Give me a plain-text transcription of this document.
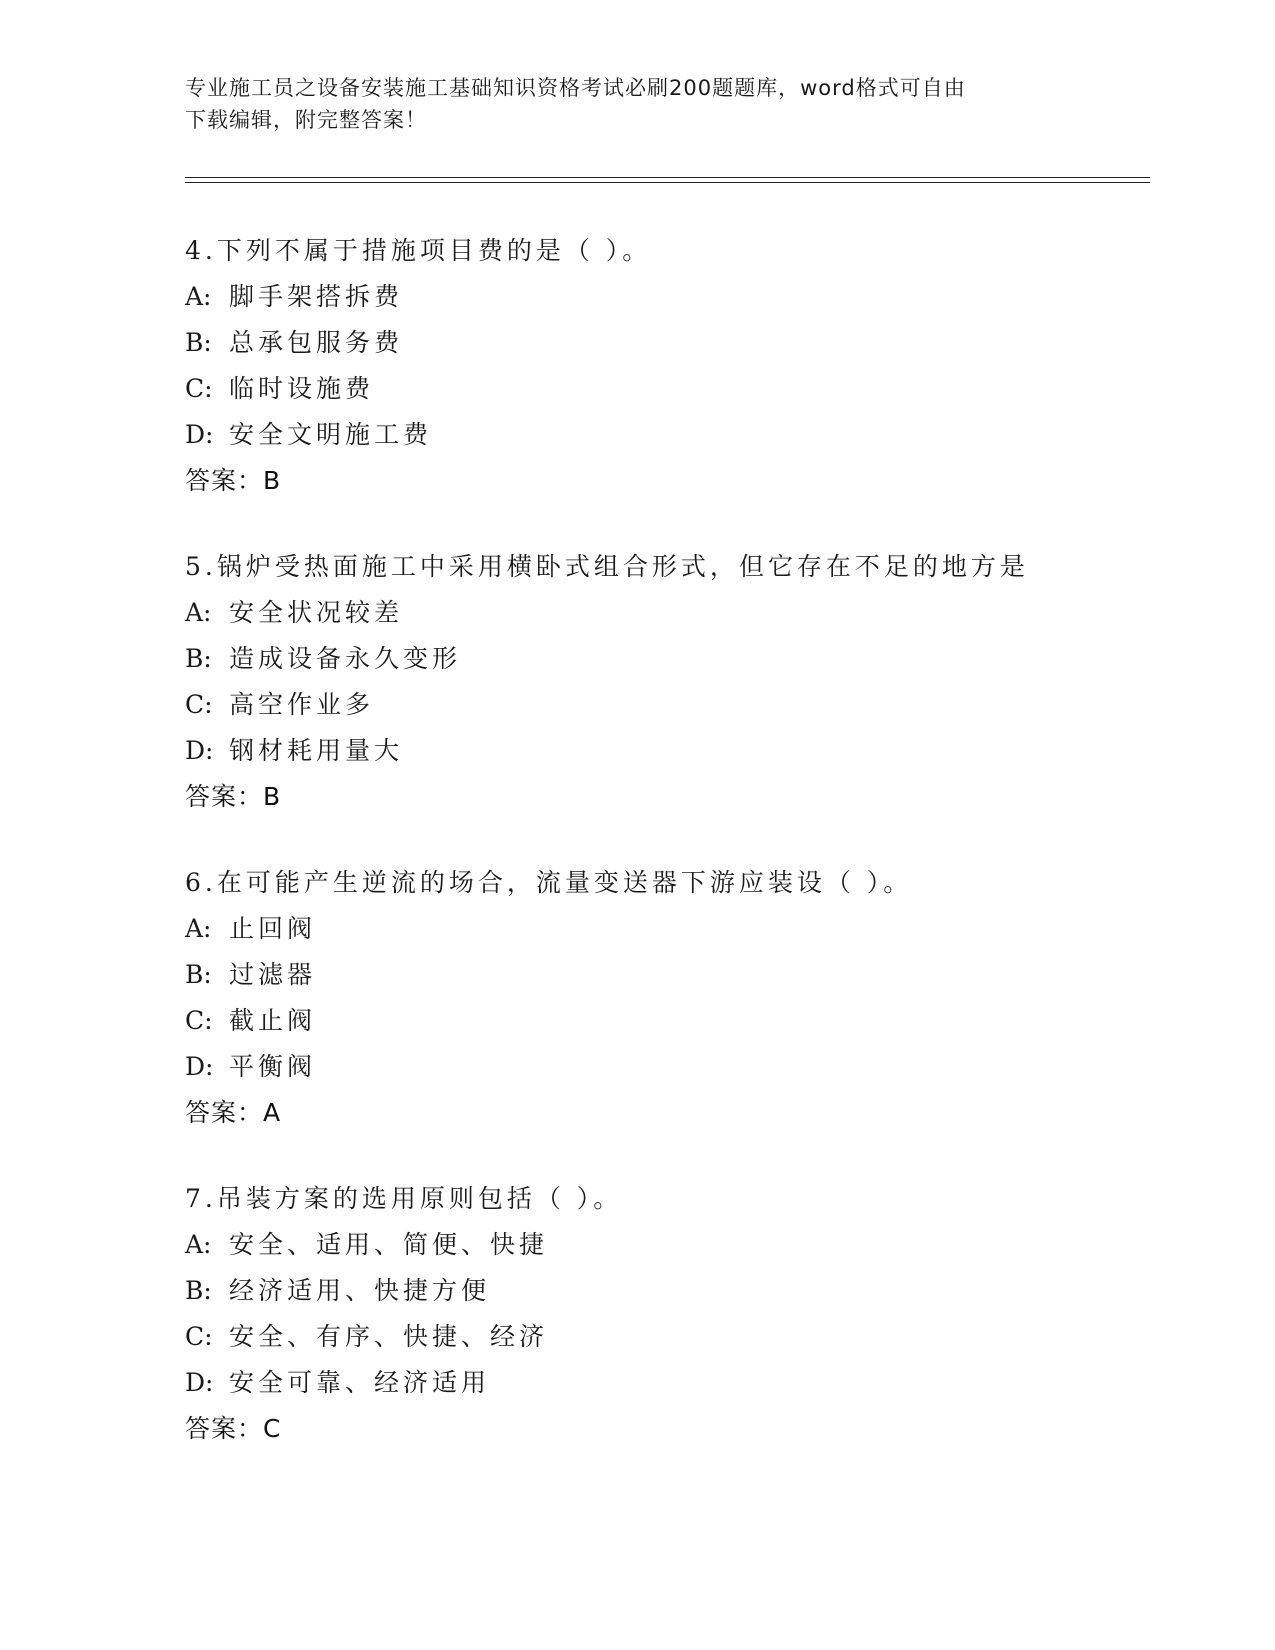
专业施工员之设备安装施工基础知识资格考试必刷200题题库，word格式可自由
下载编辑，附完整答案！
4.下列不属于措施项目费的是（ ）。
A: 脚手架搭拆费
B: 总承包服务费
C: 临时设施费
D: 安全文明施工费
答案：B
5.锅炉受热面施工中采用横卧式组合形式，但它存在不足的地方是
A: 安全状况较差
B: 造成设备永久变形
C: 高空作业多
D: 钢材耗用量大
答案：B
6.在可能产生逆流的场合，流量变送器下游应装设（ ）。
A: 止回阀
B: 过滤器
C: 截止阀
D: 平衡阀
答案：A
7.吊装方案的选用原则包括（ ）。
A: 安全、适用、简便、快捷
B: 经济适用、快捷方便
C: 安全、有序、快捷、经济
D: 安全可靠、经济适用
答案：C
